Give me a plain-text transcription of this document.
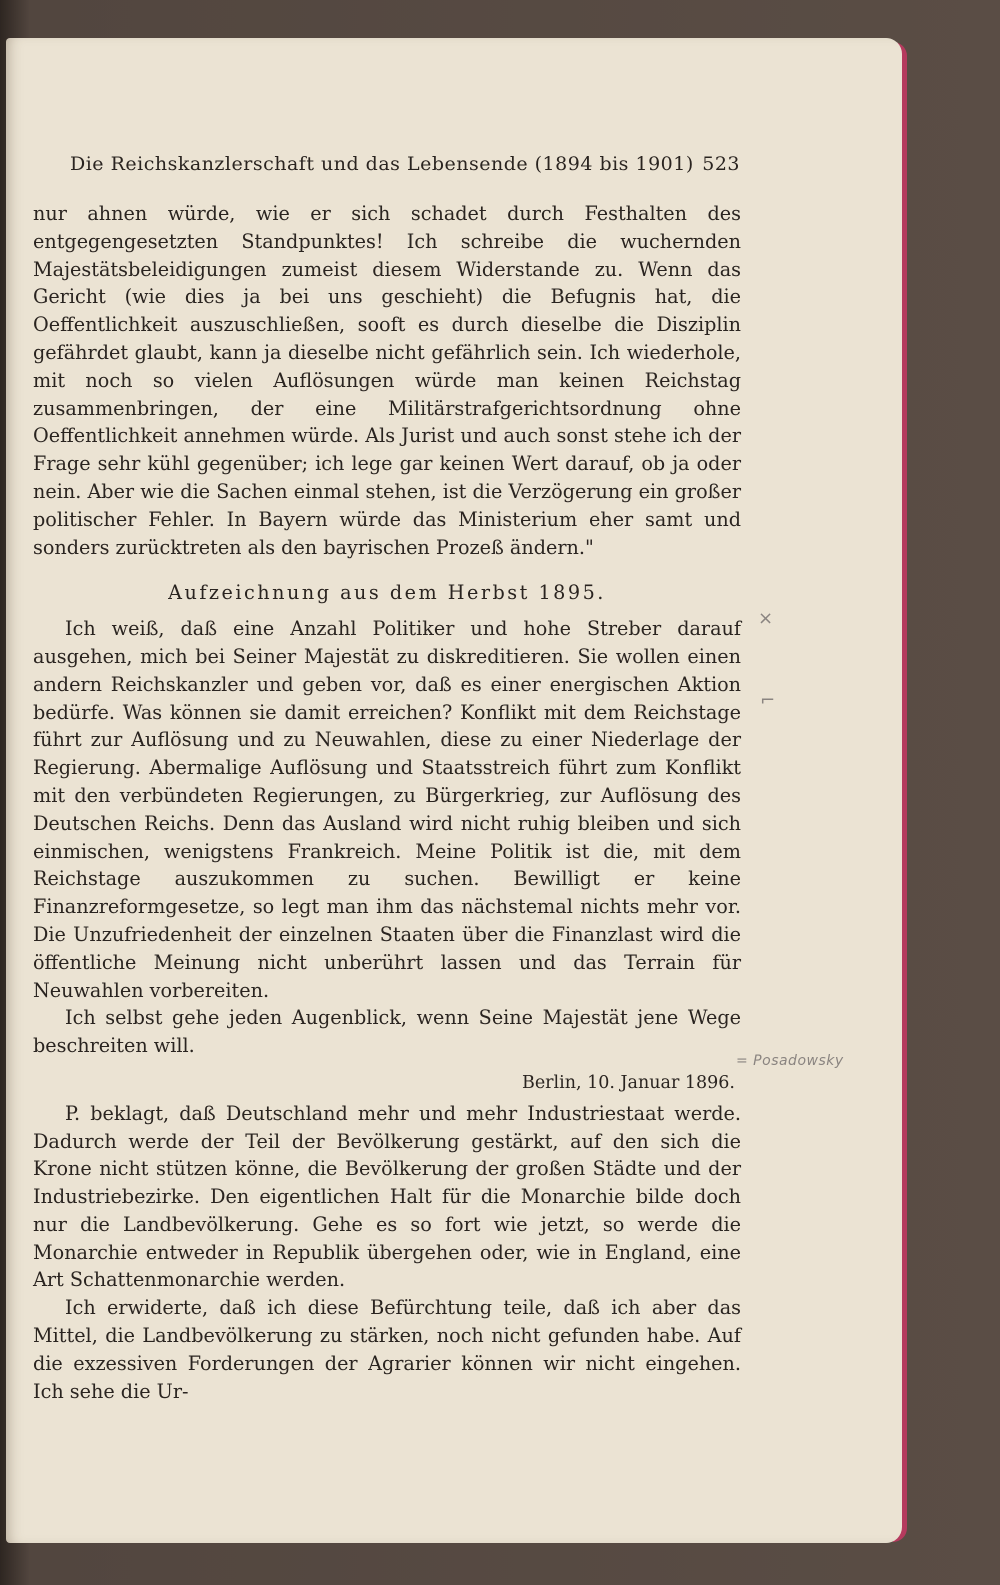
Die Reichskanzlerschaft und das Lebensende (1894 bis 1901) 523

nur ahnen würde, wie er sich schadet durch Festhalten des entgegengesetzten Standpunktes! Ich schreibe die wuchernden Majestätsbeleidigungen zumeist diesem Widerstande zu. Wenn das Gericht (wie dies ja bei uns geschieht) die Befugnis hat, die Oeffentlichkeit auszuschließen, sooft es durch dieselbe die Disziplin gefährdet glaubt, kann ja dieselbe nicht gefährlich sein. Ich wiederhole, mit noch so vielen Auflösungen würde man keinen Reichstag zusammenbringen, der eine Militärstrafgerichtsordnung ohne Oeffentlichkeit annehmen würde. Als Jurist und auch sonst stehe ich der Frage sehr kühl gegenüber; ich lege gar keinen Wert darauf, ob ja oder nein. Aber wie die Sachen einmal stehen, ist die Verzögerung ein großer politischer Fehler. In Bayern würde das Ministerium eher samt und sonders zurücktreten als den bayrischen Prozeß ändern."

Aufzeichnung aus dem Herbst 1895.

Ich weiß, daß eine Anzahl Politiker und hohe Streber darauf ausgehen, mich bei Seiner Majestät zu diskreditieren. Sie wollen einen andern Reichskanzler und geben vor, daß es einer energischen Aktion bedürfe. Was können sie damit erreichen? Konflikt mit dem Reichstage führt zur Auflösung und zu Neuwahlen, diese zu einer Niederlage der Regierung. Abermalige Auflösung und Staatsstreich führt zum Konflikt mit den verbündeten Regierungen, zu Bürgerkrieg, zur Auflösung des Deutschen Reichs. Denn das Ausland wird nicht ruhig bleiben und sich einmischen, wenigstens Frankreich. Meine Politik ist die, mit dem Reichstage auszukommen zu suchen. Bewilligt er keine Finanzreformgesetze, so legt man ihm das nächstemal nichts mehr vor. Die Unzufriedenheit der einzelnen Staaten über die Finanzlast wird die öffentliche Meinung nicht unberührt lassen und das Terrain für Neuwahlen vorbereiten.

Ich selbst gehe jeden Augenblick, wenn Seine Majestät jene Wege beschreiten will.

Berlin, 10. Januar 1896.

P. beklagt, daß Deutschland mehr und mehr Industriestaat werde. Dadurch werde der Teil der Bevölkerung gestärkt, auf den sich die Krone nicht stützen könne, die Bevölkerung der großen Städte und der Industriebezirke. Den eigentlichen Halt für die Monarchie bilde doch nur die Landbevölkerung. Gehe es so fort wie jetzt, so werde die Monarchie entweder in Republik übergehen oder, wie in England, eine Art Schattenmonarchie werden.

Ich erwiderte, daß ich diese Befürchtung teile, daß ich aber das Mittel, die Landbevölkerung zu stärken, noch nicht gefunden habe. Auf die exzessiven Forderungen der Agrarier können wir nicht eingehen. Ich sehe die Ur-

×
⌐
= Posadowsky
